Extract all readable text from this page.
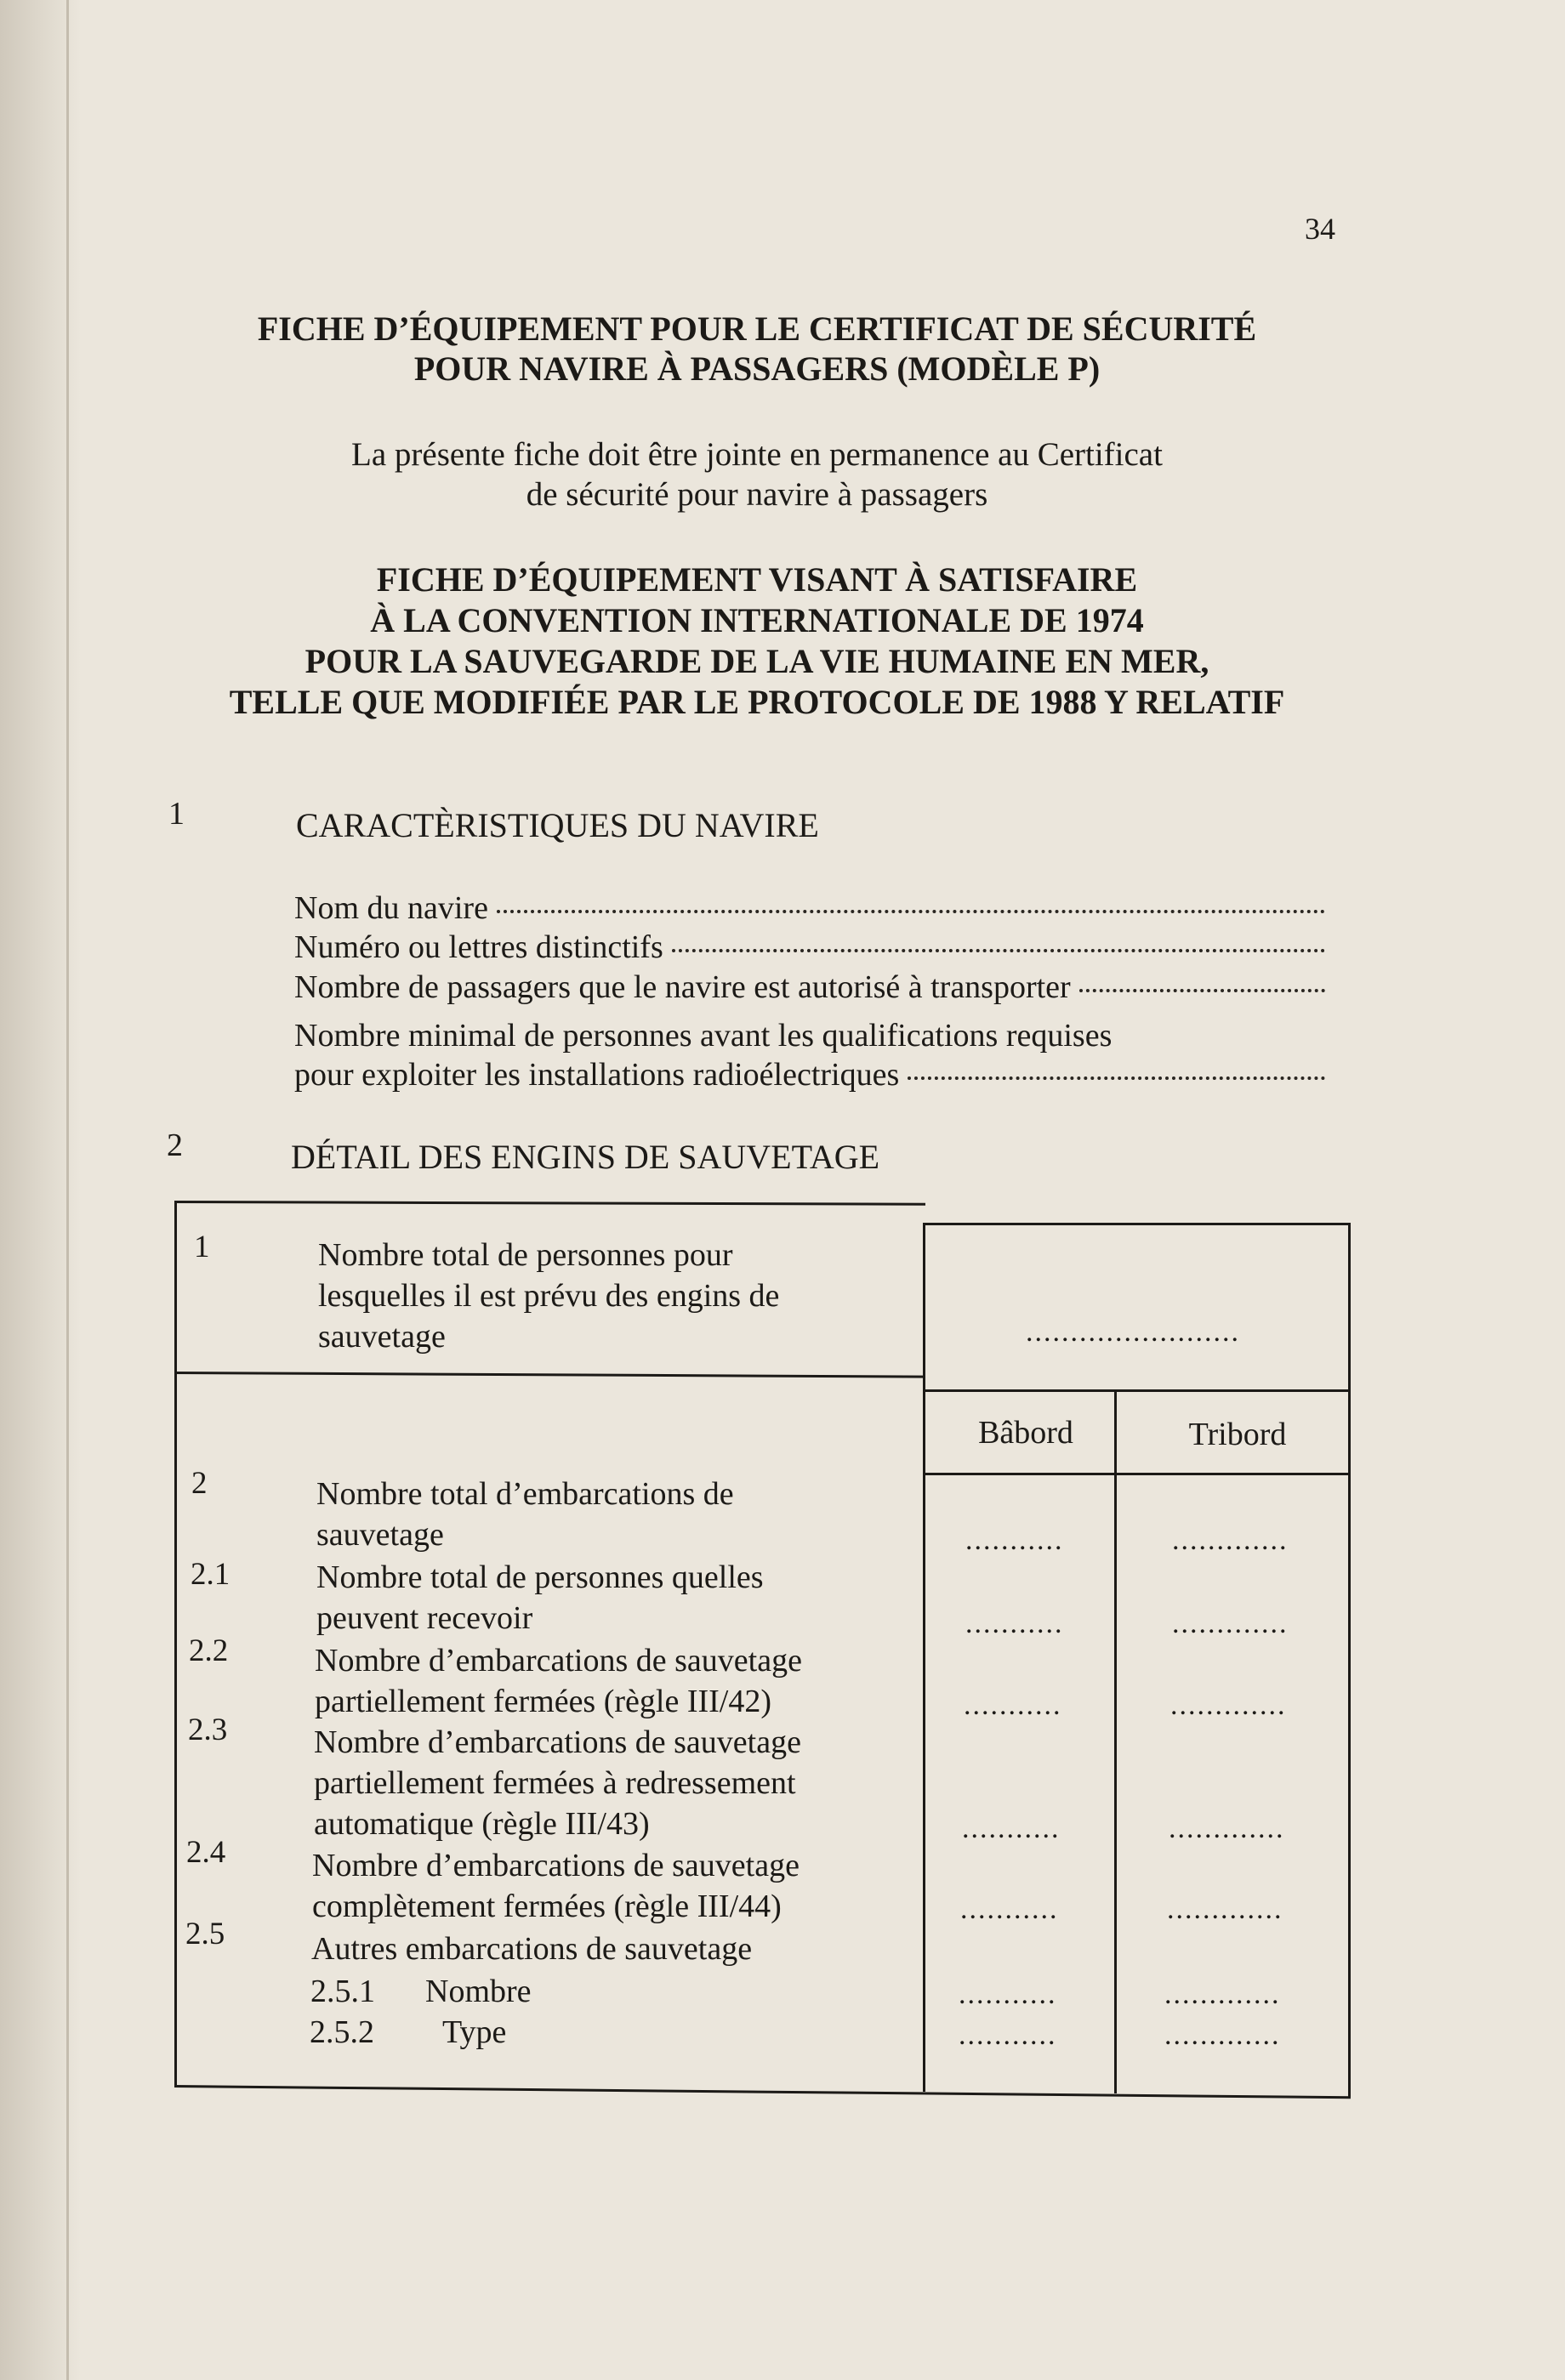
34

FICHE D’ÉQUIPEMENT POUR LE CERTIFICAT DE SÉCURITÉ

POUR NAVIRE À PASSAGERS (MODÈLE P)

La présente fiche doit être jointe en permanence au Certificat

de sécurité pour navire à passagers

FICHE D’ÉQUIPEMENT VISANT À SATISFAIRE

À LA CONVENTION INTERNATIONALE DE 1974

POUR LA SAUVEGARDE DE LA VIE HUMAINE EN MER,

TELLE QUE MODIFIÉE PAR LE PROTOCOLE DE 1988 Y RELATIF

1	CARACTÈRISTIQUES DU NAVIRE
Nom du navire
Numéro ou lettres distinctifs
Nombre de passagers que le navire est autorisé à transporter
Nombre minimal de personnes avant les qualifications requises
pour exploiter les installations radioélectriques
2	DÉTAIL DES ENGINS DE SAUVETAGE
1	Nombre total de personnes pour
lesquelles il est prévu des engins de
sauvetage	........................
Bâbord	Tribord
2	Nombre total d’embarcations de
sauvetage	...........	.............
2.1	Nombre total de personnes quelles
peuvent recevoir	...........	.............
2.2	Nombre d’embarcations de sauvetage
partiellement fermées (règle III/42)	...........	.............
2.3	Nombre d’embarcations de sauvetage
partiellement fermées à redressement
automatique (règle III/43)	...........	.............
2.4	Nombre d’embarcations de sauvetage
complètement fermées (règle III/44)	...........	.............
2.5	Autres embarcations de sauvetage
2.5.1 Nombre	...........	.............
2.5.2 Type	...........	.............
